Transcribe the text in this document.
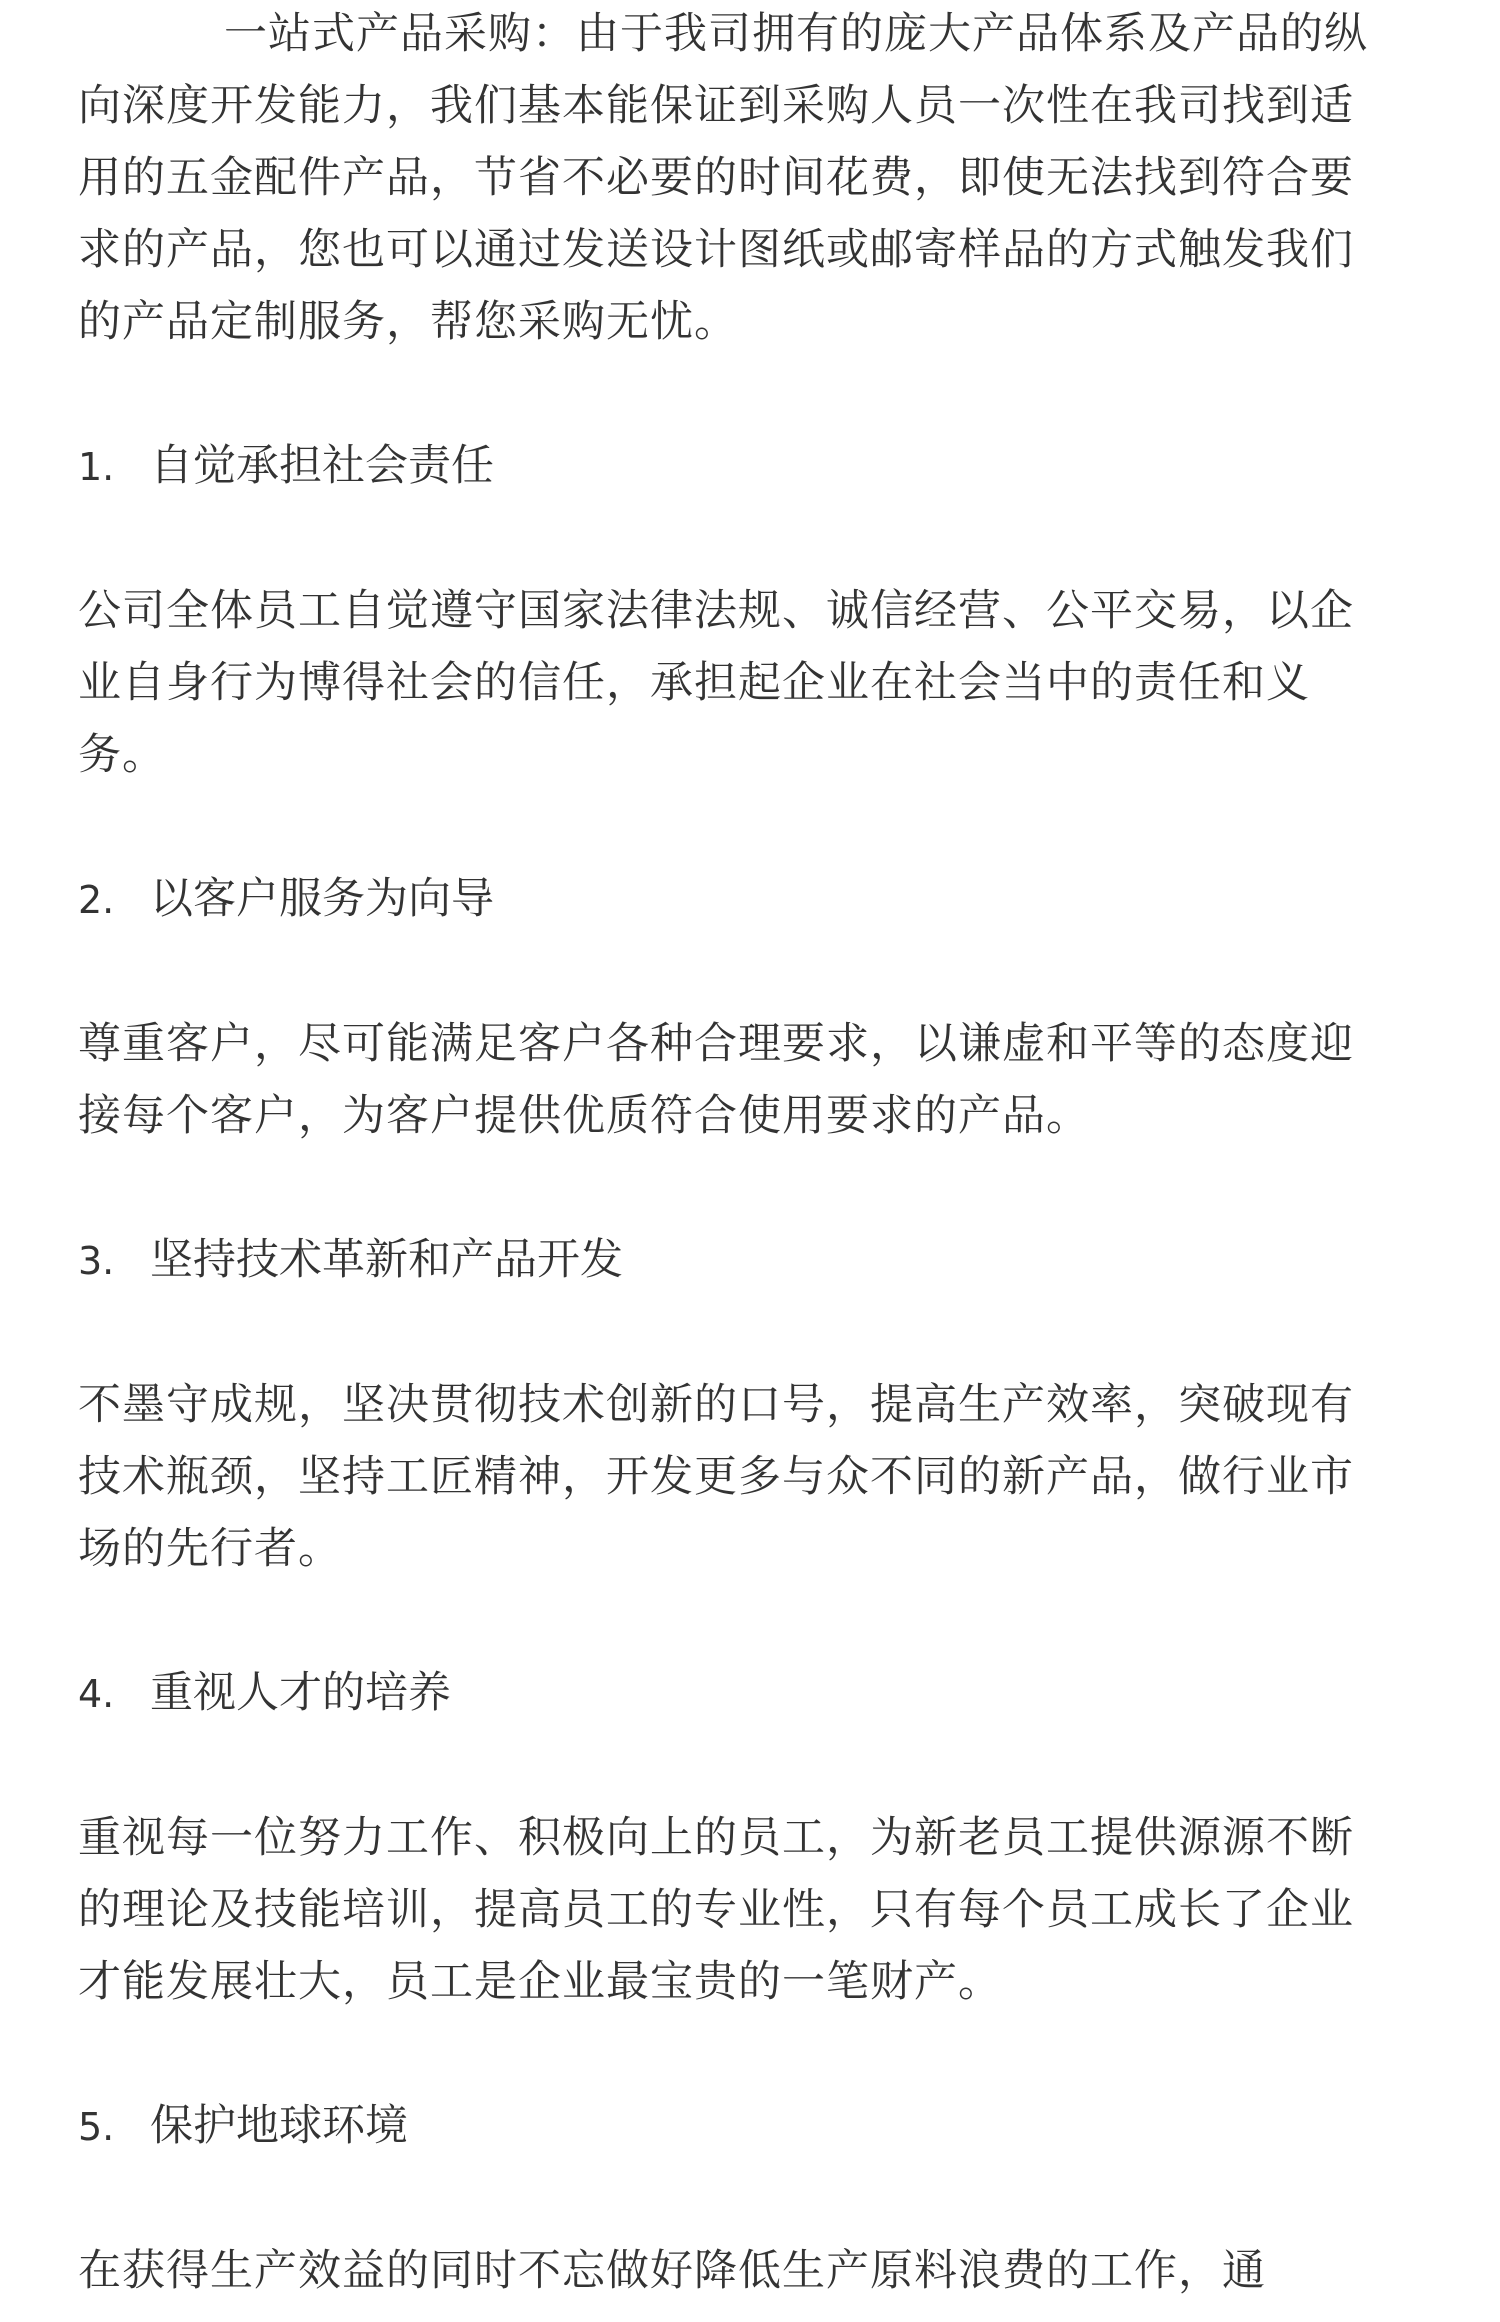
一站式产品采购：由于我司拥有的庞大产品体系及产品的纵向深度开发能力，我们基本能保证到采购人员一次性在我司找到适用的五金配件产品，节省不必要的时间花费，即使无法找到符合要求的产品，您也可以通过发送设计图纸或邮寄样品的方式触发我们的产品定制服务，帮您采购无忧。

1. 自觉承担社会责任

公司全体员工自觉遵守国家法律法规、诚信经营、公平交易，以企业自身行为博得社会的信任，承担起企业在社会当中的责任和义务。

2. 以客户服务为向导

尊重客户，尽可能满足客户各种合理要求，以谦虚和平等的态度迎接每个客户，为客户提供优质符合使用要求的产品。

3. 坚持技术革新和产品开发

不墨守成规，坚决贯彻技术创新的口号，提高生产效率，突破现有技术瓶颈，坚持工匠精神，开发更多与众不同的新产品，做行业市场的先行者。

4. 重视人才的培养

重视每一位努力工作、积极向上的员工，为新老员工提供源源不断的理论及技能培训，提高员工的专业性，只有每个员工成长了企业才能发展壮大，员工是企业最宝贵的一笔财产。

5. 保护地球环境

在获得生产效益的同时不忘做好降低生产原料浪费的工作，通
